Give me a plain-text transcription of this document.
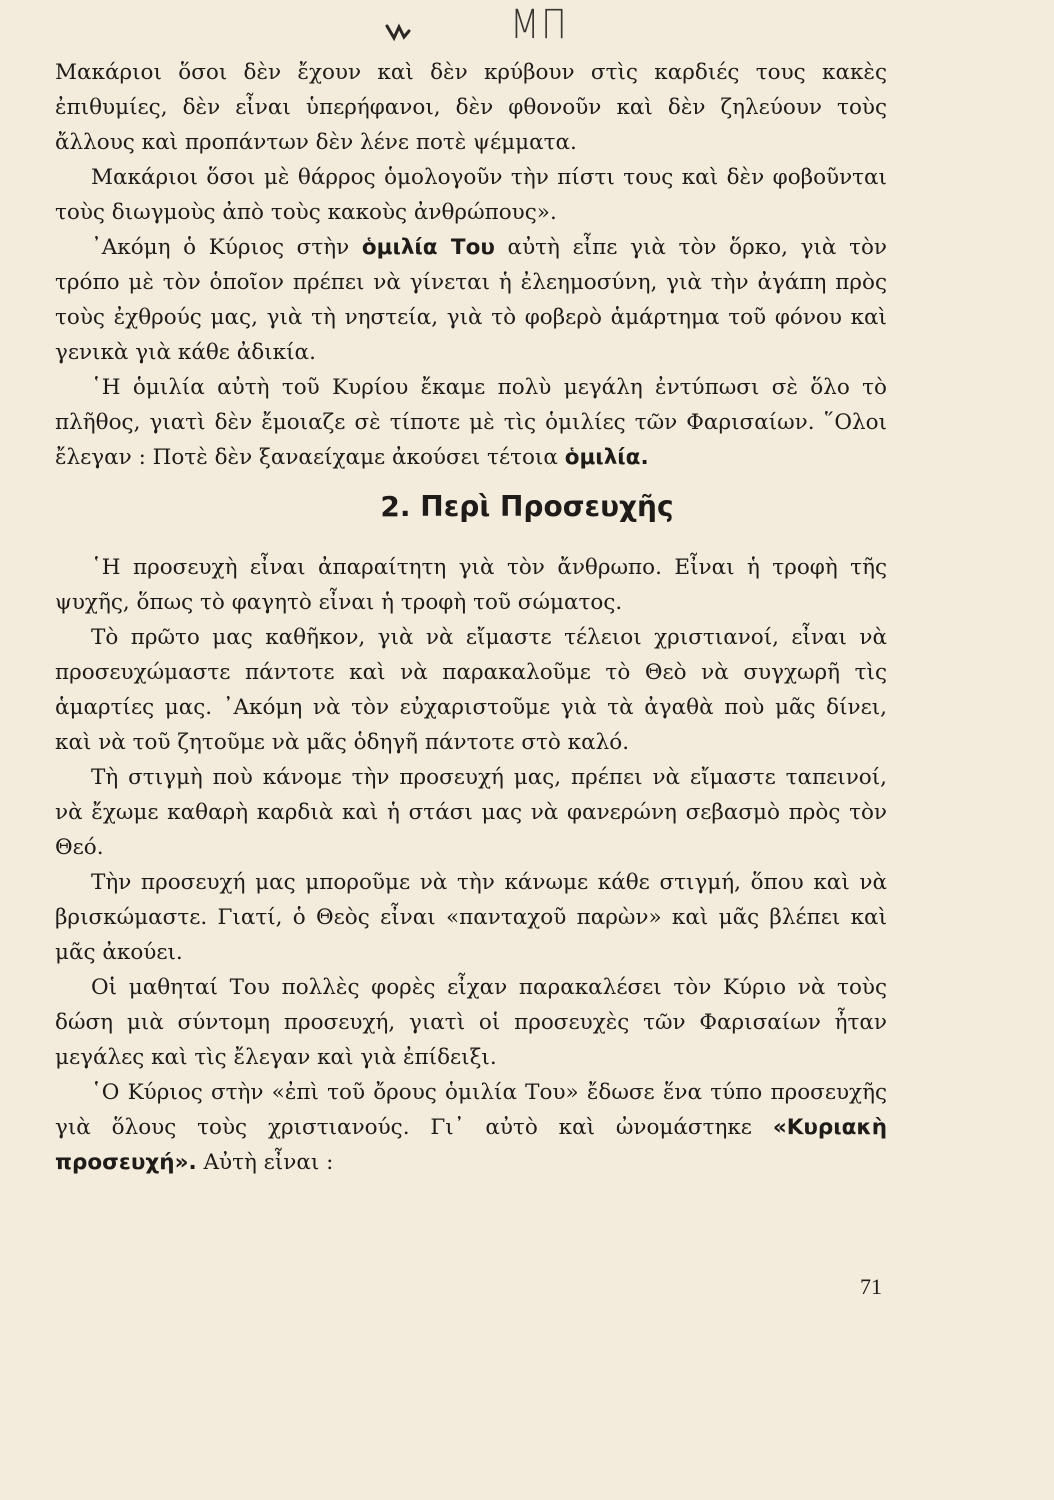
ΜΠ

Μακάριοι ὅσοι δὲν ἔχουν καὶ δὲν κρύβουν στὶς καρδιές τους κακὲς ἐπιθυμίες, δὲν εἶναι ὑπερήφανοι, δὲν φθονοῦν καὶ δὲν ζηλεύουν τοὺς ἄλλους καὶ προπάντων δὲν λένε ποτὲ ψέμματα.

Μακάριοι ὅσοι μὲ θάρρος ὁμολογοῦν τὴν πίστι τους καὶ δὲν φοβοῦνται τοὺς διωγμοὺς ἀπὸ τοὺς κακοὺς ἀνθρώπους».

᾿Ακόμη ὁ Κύριος στὴν ὁμιλία Του αὐτὴ εἶπε γιὰ τὸν ὅρκο, γιὰ τὸν τρόπο μὲ τὸν ὁποῖον πρέπει νὰ γίνεται ἡ ἐλεημοσύνη, γιὰ τὴν ἀγάπη πρὸς τοὺς ἐχθρούς μας, γιὰ τὴ νηστεία, γιὰ τὸ φοβερὸ ἁμάρτημα τοῦ φόνου καὶ γενικὰ γιὰ κάθε ἀδικία.

῾Η ὁμιλία αὐτὴ τοῦ Κυρίου ἔκαμε πολὺ μεγάλη ἐντύπωσι σὲ ὅλο τὸ πλῆθος, γιατὶ δὲν ἔμοιαζε σὲ τίποτε μὲ τὶς ὁμιλίες τῶν Φαρισαίων. ῞Ολοι ἔλεγαν : Ποτὲ δὲν ξαναείχαμε ἀκούσει τέτοια ὁμιλία.

2. Περὶ Προσευχῆς

῾Η προσευχὴ εἶναι ἀπαραίτητη γιὰ τὸν ἄνθρωπο. Εἶναι ἡ τροφὴ τῆς ψυχῆς, ὅπως τὸ φαγητὸ εἶναι ἡ τροφὴ τοῦ σώματος.

Τὸ πρῶτο μας καθῆκον, γιὰ νὰ εἴμαστε τέλειοι χριστιανοί, εἶναι νὰ προσευχώμαστε πάντοτε καὶ νὰ παρακαλοῦμε τὸ Θεὸ νὰ συγχωρῆ τὶς ἁμαρτίες μας. ᾿Ακόμη νὰ τὸν εὐχαριστοῦμε γιὰ τὰ ἀγαθὰ ποὺ μᾶς δίνει, καὶ νὰ τοῦ ζητοῦμε νὰ μᾶς ὁδηγῆ πάντοτε στὸ καλό.

Τὴ στιγμὴ ποὺ κάνομε τὴν προσευχή μας, πρέπει νὰ εἴμαστε ταπεινοί, νὰ ἔχωμε καθαρὴ καρδιὰ καὶ ἡ στάσι μας νὰ φανερώνη σεβασμὸ πρὸς τὸν Θεό.

Τὴν προσευχή μας μποροῦμε νὰ τὴν κάνωμε κάθε στιγμή, ὅπου καὶ νὰ βρισκώμαστε. Γιατί, ὁ Θεὸς εἶναι «πανταχοῦ παρὼν» καὶ μᾶς βλέπει καὶ μᾶς ἀκούει.

Οἱ μαθηταί Του πολλὲς φορὲς εἶχαν παρακαλέσει τὸν Κύριο νὰ τοὺς δώση μιὰ σύντομη προσευχή, γιατὶ οἱ προσευχὲς τῶν Φαρισαίων ἦταν μεγάλες καὶ τὶς ἔλεγαν καὶ γιὰ ἐπίδειξι.

῾Ο Κύριος στὴν «ἐπὶ τοῦ ὄρους ὁμιλία Του» ἔδωσε ἕνα τύπο προσευχῆς γιὰ ὅλους τοὺς χριστιανούς. Γι᾿ αὐτὸ καὶ ὠνομάστηκε «Κυριακὴ προσευχή». Αὐτὴ εἶναι :

71
